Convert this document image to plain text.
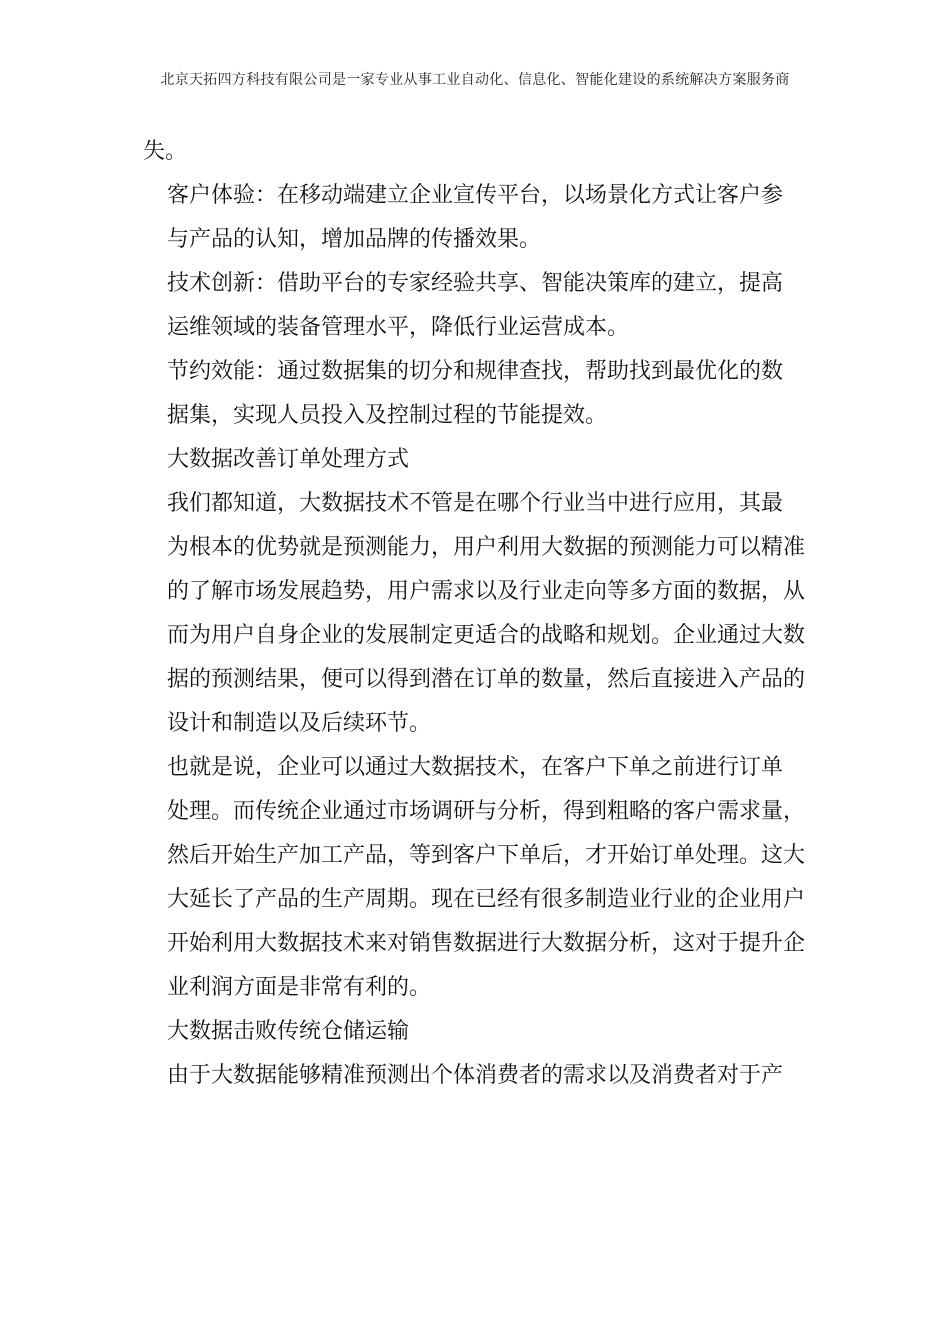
北京天拓四方科技有限公司是一家专业从事工业自动化、信息化、智能化建设的系统解决方案服务商

失。

客户体验：在移动端建立企业宣传平台，以场景化方式让客户参
与产品的认知，增加品牌的传播效果。

技术创新：借助平台的专家经验共享、智能决策库的建立，提高
运维领域的装备管理水平，降低行业运营成本。

节约效能：通过数据集的切分和规律查找，帮助找到最优化的数
据集，实现人员投入及控制过程的节能提效。

大数据改善订单处理方式

我们都知道，大数据技术不管是在哪个行业当中进行应用，其最
为根本的优势就是预测能力，用户利用大数据的预测能力可以精准
的了解市场发展趋势，用户需求以及行业走向等多方面的数据，从
而为用户自身企业的发展制定更适合的战略和规划。企业通过大数
据的预测结果，便可以得到潜在订单的数量，然后直接进入产品的
设计和制造以及后续环节。

也就是说，企业可以通过大数据技术，在客户下单之前进行订单
处理。而传统企业通过市场调研与分析，得到粗略的客户需求量，
然后开始生产加工产品，等到客户下单后，才开始订单处理。这大
大延长了产品的生产周期。现在已经有很多制造业行业的企业用户
开始利用大数据技术来对销售数据进行大数据分析，这对于提升企
业利润方面是非常有利的。

大数据击败传统仓储运输

由于大数据能够精准预测出个体消费者的需求以及消费者对于产
